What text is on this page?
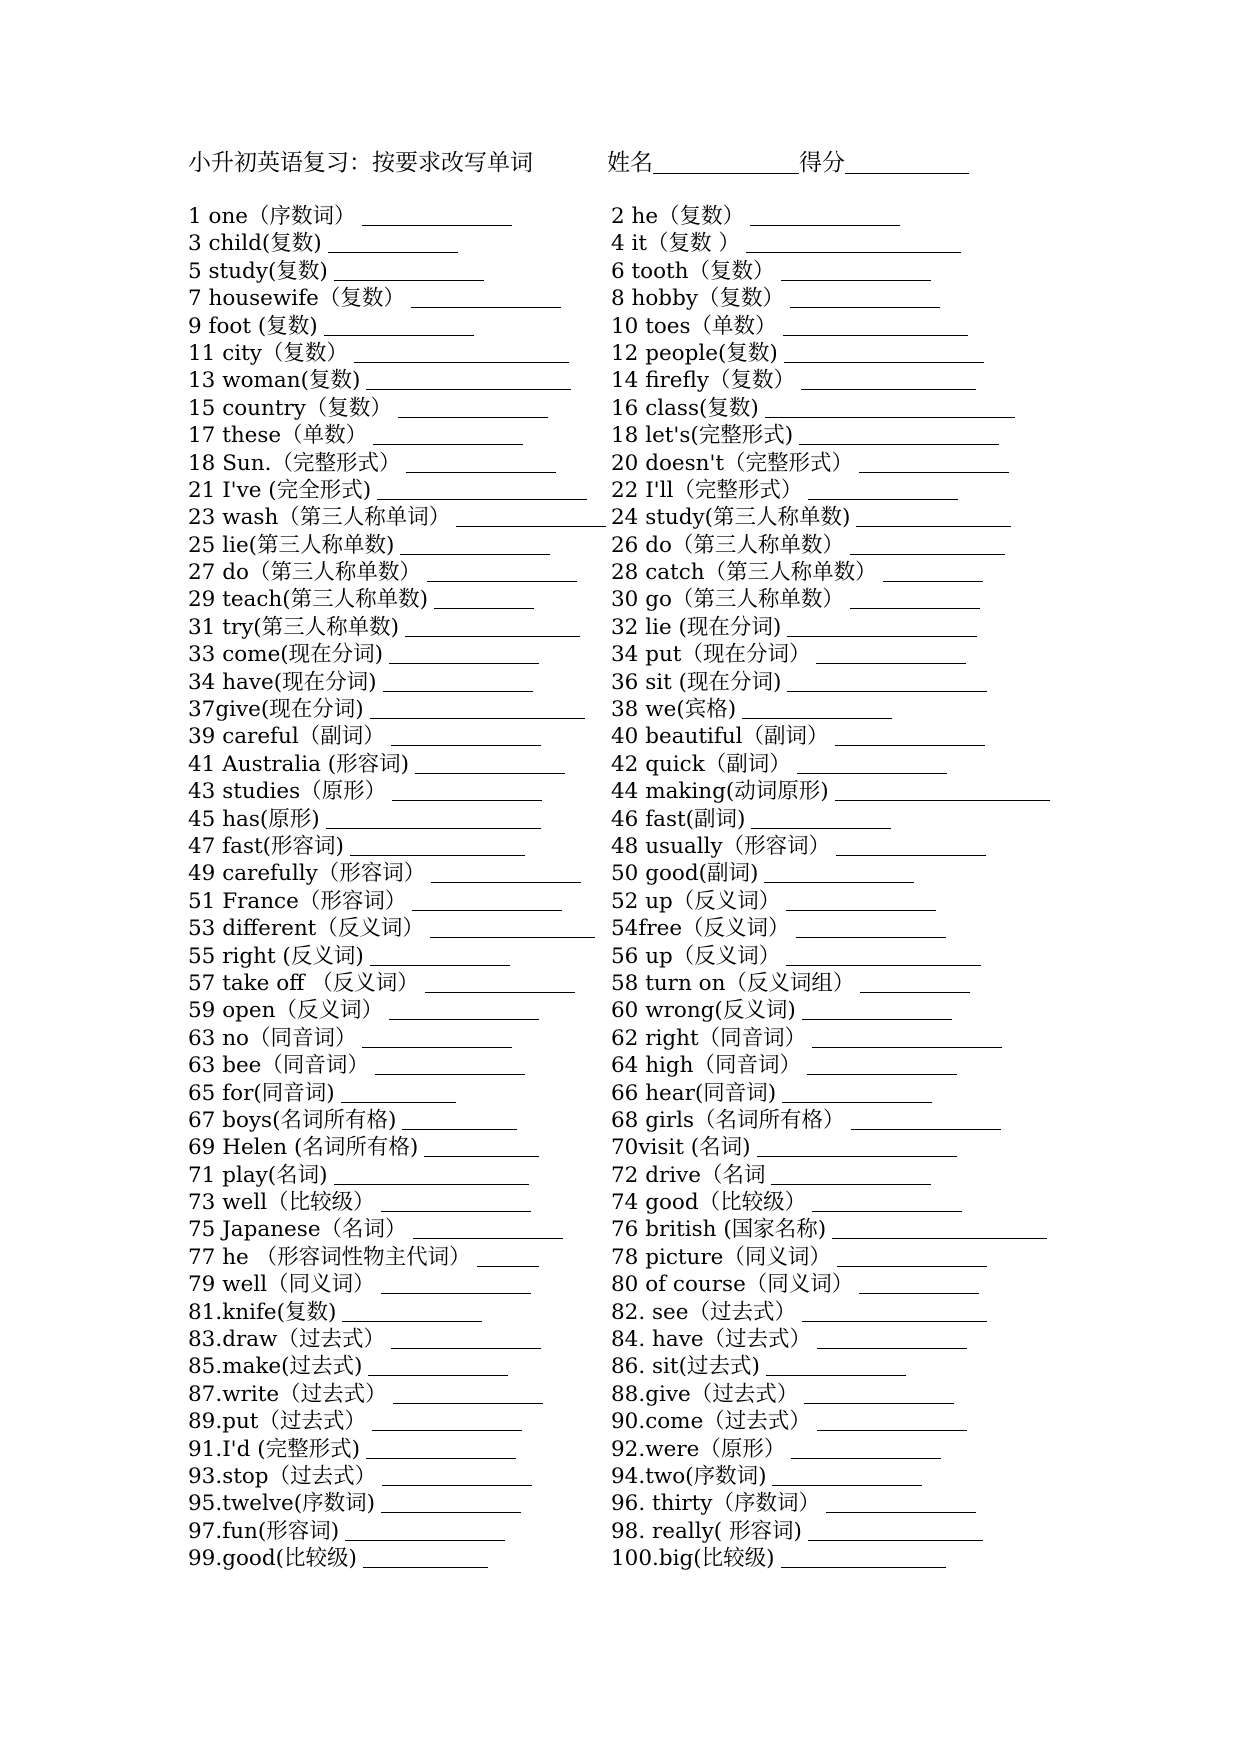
小升初英语复习：按要求改写单词	姓名	得分
1 one（序数词）	2 he（复数）
3 child(复数)	4 it（复数 ）
5 study(复数)	6 tooth（复数）
7 housewife（复数）	8 hobby（复数）
9 foot (复数)	10 toes（单数）
11 city（复数）	12 people(复数)
13 woman(复数)	14 firefly（复数）
15 country（复数）	16 class(复数)
17 these（单数）	18 let's(完整形式)
18 Sun.（完整形式）	20 doesn't（完整形式）
21 I've (完全形式)	22 I'll（完整形式）
23 wash（第三人称单词）	24 study(第三人称单数)
25 lie(第三人称单数)	26 do（第三人称单数）
27 do（第三人称单数）	28 catch（第三人称单数）
29 teach(第三人称单数)	30 go（第三人称单数）
31 try(第三人称单数)	32 lie (现在分词)
33 come(现在分词)	34 put（现在分词）
34 have(现在分词)	36 sit (现在分词)
37give(现在分词)	38 we(宾格)
39 careful（副词）	40 beautiful（副词）
41 Australia (形容词)	42 quick（副词）
43 studies（原形）	44 making(动词原形)
45 has(原形)	46 fast(副词)
47 fast(形容词)	48 usually（形容词）
49 carefully（形容词）	50 good(副词)
51 France（形容词）	52 up（反义词）
53 different（反义词）	54free（反义词）
55 right (反义词)	56 up（反义词）
57 take off （反义词）	58 turn on（反义词组）
59 open（反义词）	60 wrong(反义词)
63 no（同音词）	62 right（同音词）
63 bee（同音词）	64 high（同音词）
65 for(同音词)	66 hear(同音词)
67 boys(名词所有格)	68 girls（名词所有格）
69 Helen (名词所有格)	70visit (名词)
71 play(名词)	72 drive（名词
73 well（比较级）	74 good（比较级）
75 Japanese（名词）	76 british (国家名称)
77 he （形容词性物主代词）	78 picture（同义词）
79 well（同义词）	80 of course（同义词）
81.knife(复数)	82. see（过去式）
83.draw（过去式）	84. have（过去式）
85.make(过去式)	86. sit(过去式)
87.write（过去式）	88.give（过去式）
89.put（过去式）	90.come（过去式）
91.I'd (完整形式)	92.were（原形）
93.stop（过去式）	94.two(序数词)
95.twelve(序数词)	96. thirty（序数词）
97.fun(形容词)	98. really( 形容词)
99.good(比较级)	100.big(比较级)
